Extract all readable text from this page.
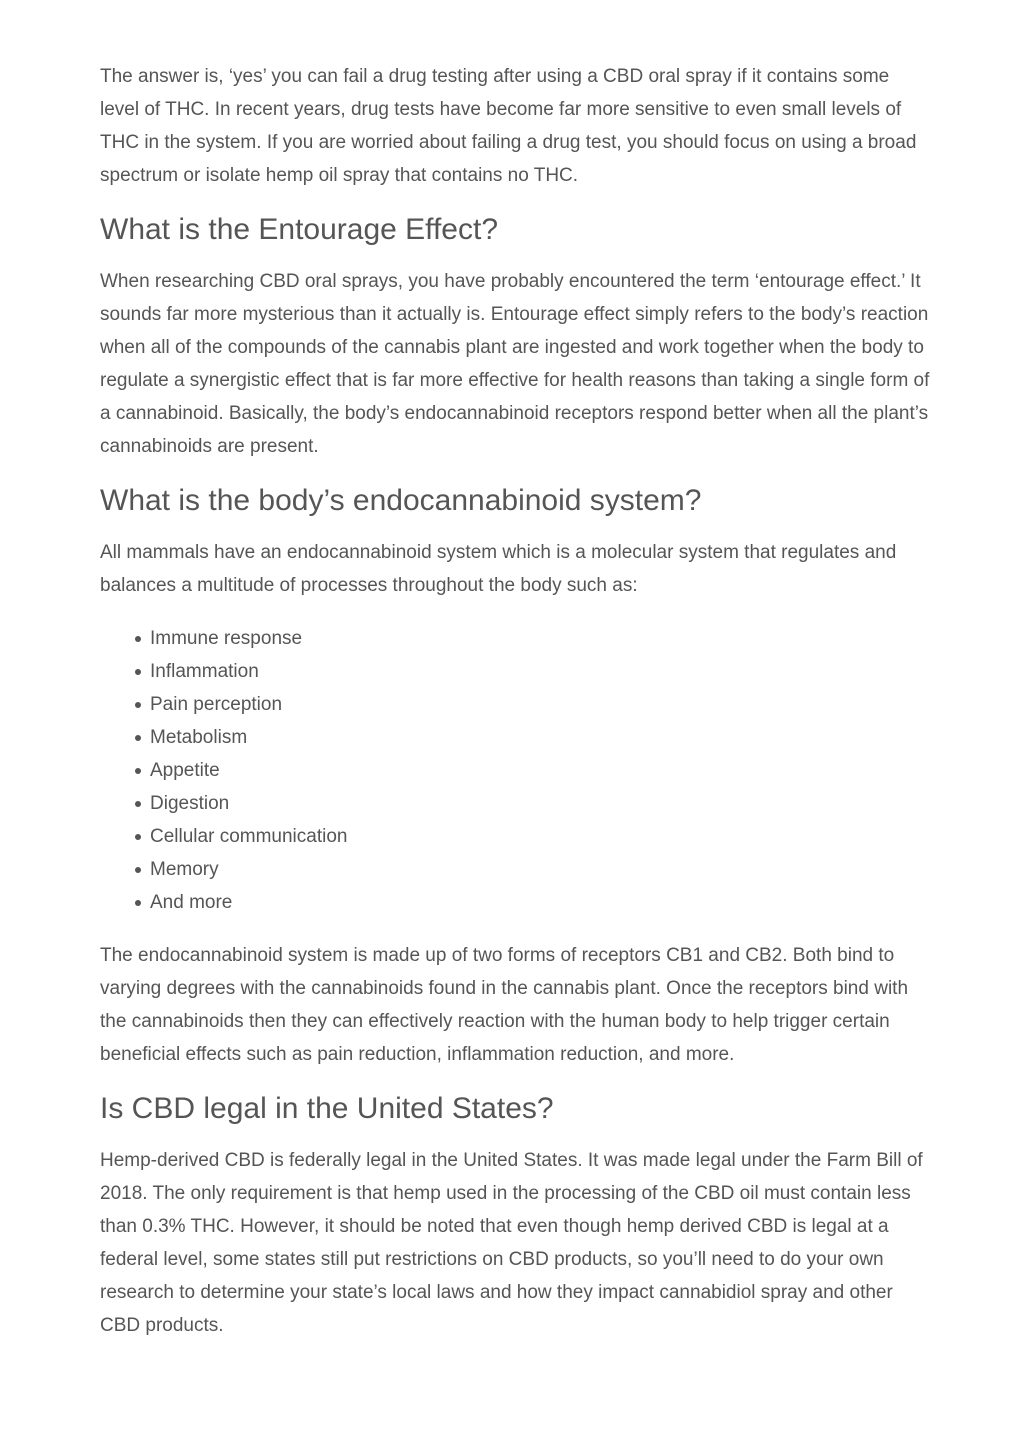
The answer is, ‘yes’ you can fail a drug testing after using a CBD oral spray if it contains some level of THC. In recent years, drug tests have become far more sensitive to even small levels of THC in the system. If you are worried about failing a drug test, you should focus on using a broad spectrum or isolate hemp oil spray that contains no THC.

What is the Entourage Effect?

When researching CBD oral sprays, you have probably encountered the term ‘entourage effect.’ It sounds far more mysterious than it actually is. Entourage effect simply refers to the body’s reaction when all of the compounds of the cannabis plant are ingested and work together when the body to regulate a synergistic effect that is far more effective for health reasons than taking a single form of a cannabinoid. Basically, the body’s endocannabinoid receptors respond better when all the plant’s cannabinoids are present.

What is the body’s endocannabinoid system?

All mammals have an endocannabinoid system which is a molecular system that regulates and balances a multitude of processes throughout the body such as:

Immune response
Inflammation
Pain perception
Metabolism
Appetite
Digestion
Cellular communication
Memory
And more

The endocannabinoid system is made up of two forms of receptors CB1 and CB2. Both bind to varying degrees with the cannabinoids found in the cannabis plant. Once the receptors bind with the cannabinoids then they can effectively reaction with the human body to help trigger certain beneficial effects such as pain reduction, inflammation reduction, and more.

Is CBD legal in the United States?

Hemp-derived CBD is federally legal in the United States. It was made legal under the Farm Bill of 2018. The only requirement is that hemp used in the processing of the CBD oil must contain less than 0.3% THC. However, it should be noted that even though hemp derived CBD is legal at a federal level, some states still put restrictions on CBD products, so you’ll need to do your own research to determine your state’s local laws and how they impact cannabidiol spray and other CBD products.
